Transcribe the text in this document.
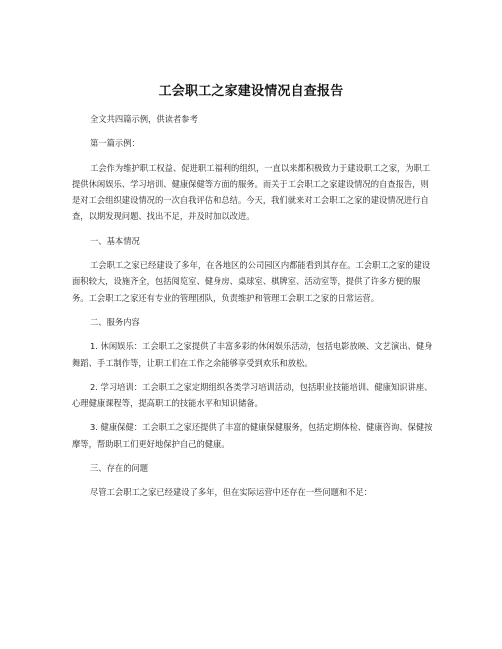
工会职工之家建设情况自查报告

全文共四篇示例，供读者参考

第一篇示例：

工会作为维护职工权益、促进职工福利的组织，一直以来都积极致力于建设职工之家，为职工提供休闲娱乐、学习培训、健康保健等方面的服务。而关于工会职工之家建设情况的自查报告，则是对工会组织建设情况的一次自我评估和总结。今天，我们就来对工会职工之家的建设情况进行自查，以期发现问题、找出不足，并及时加以改进。

一、基本情况

工会职工之家已经建设了多年，在各地区的公司园区内都能看到其存在。工会职工之家的建设面积较大，设施齐全，包括阅览室、健身房、桌球室、棋牌室、活动室等，提供了许多方便的服务。工会职工之家还有专业的管理团队，负责维护和管理工会职工之家的日常运营。

二、服务内容

1. 休闲娱乐：工会职工之家提供了丰富多彩的休闲娱乐活动，包括电影放映、文艺演出、健身舞蹈、手工制作等，让职工们在工作之余能够享受到欢乐和放松。

2. 学习培训：工会职工之家定期组织各类学习培训活动，包括职业技能培训、健康知识讲座、心理健康课程等，提高职工的技能水平和知识储备。

3. 健康保健：工会职工之家还提供了丰富的健康保健服务，包括定期体检、健康咨询、保健按摩等，帮助职工们更好地保护自己的健康。

三、存在的问题

尽管工会职工之家已经建设了多年，但在实际运营中还存在一些问题和不足：
